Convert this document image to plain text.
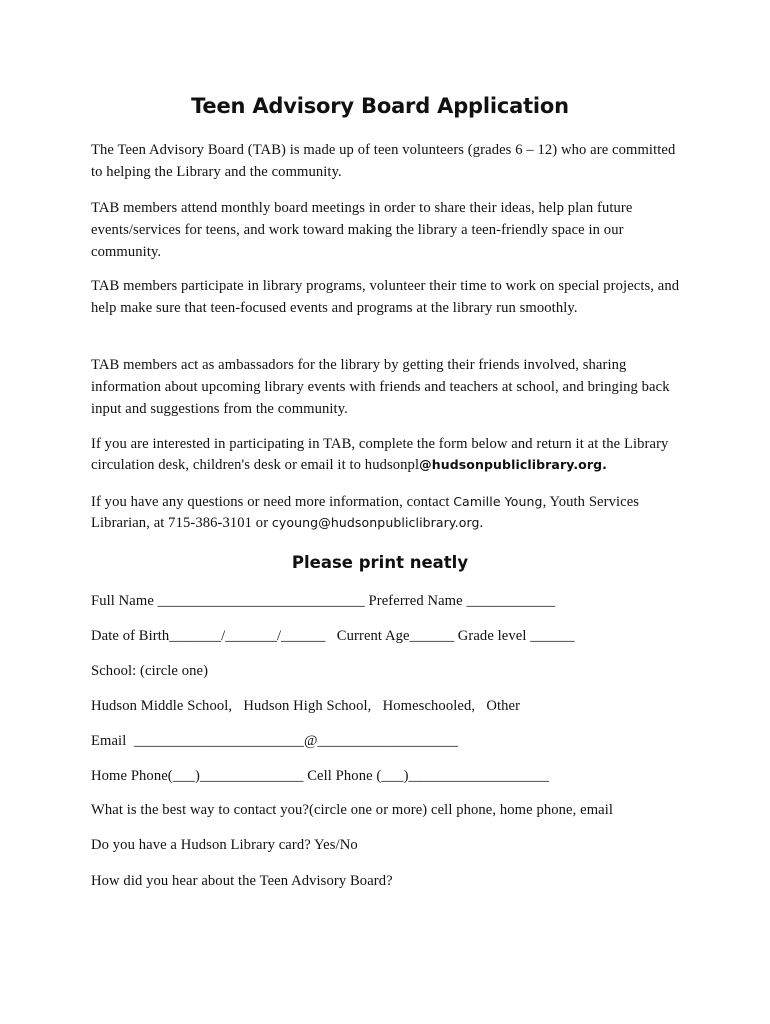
Teen Advisory Board Application

The Teen Advisory Board (TAB) is made up of teen volunteers (grades 6 – 12) who are committed to helping the Library and the community.

TAB members attend monthly board meetings in order to share their ideas, help plan future events/services for teens, and work toward making the library a teen-friendly space in our community.

TAB members participate in library programs, volunteer their time to work on special projects, and help make sure that teen-focused events and programs at the library run smoothly.

TAB members act as ambassadors for the library by getting their friends involved, sharing information about upcoming library events with friends and teachers at school, and bringing back input and suggestions from the community.

If you are interested in participating in TAB, complete the form below and return it at the Library circulation desk, children's desk or email it to hudsonpl@hudsonpubliclibrary.org.

If you have any questions or need more information, contact Camille Young, Youth Services Librarian, at 715-386-3101 or cyoung@hudsonpubliclibrary.org.

Please print neatly

Full Name ____________________________ Preferred Name ____________

Date of Birth_______/_______/______   Current Age______ Grade level ______

School: (circle one)

Hudson Middle School,   Hudson High School,   Homeschooled,   Other

Email  _______________________@___________________

Home Phone(___)______________ Cell Phone (___)___________________

What is the best way to contact you?(circle one or more) cell phone, home phone, email

Do you have a Hudson Library card? Yes/No

How did you hear about the Teen Advisory Board?
